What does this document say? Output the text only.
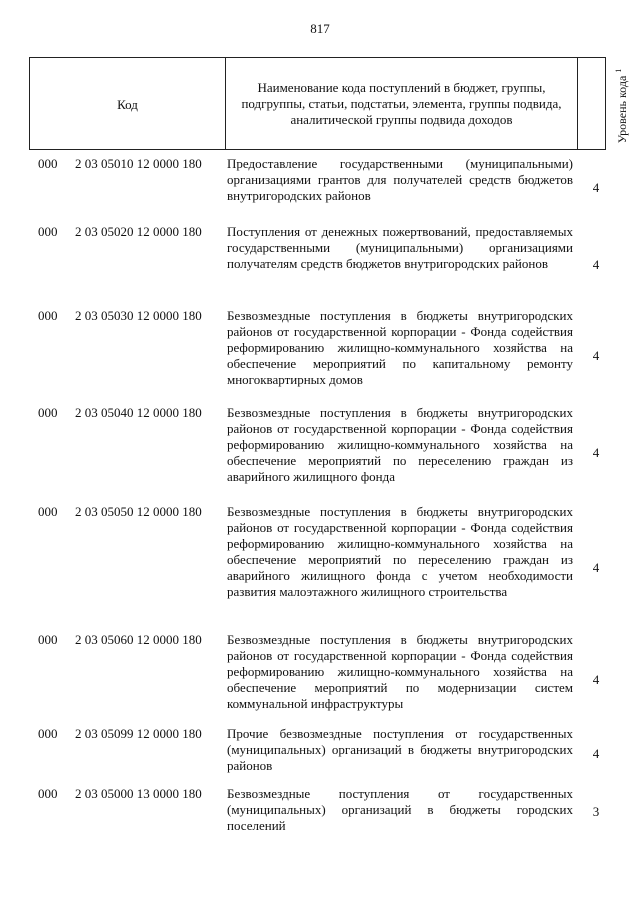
817
Код
Наименование кода поступлений в бюджет, группы, подгруппы, статьи, подстатьи, элемента, группы подвида, аналитической группы подвида доходов	Уровень кода $^1$
000 2 03 05010 12 0000 180 Предоставление государственными (муниципальными) организациями грантов для получателей средств бюджетов внутригородских районов
4
000 2 03 05020 12 0000 180 Поступления от денежных пожертвований, предоставляемых государственными (муниципальными) организациями получателям средств бюджетов внутригородских районов	4
000 2 03 05030 12 0000 180 Безвозмездные поступления в бюджеты внутригородских районов от государственной корпорации - Фонда содействия реформированию жилищно-коммунального хозяйства на обеспечение мероприятий по капитальному ремонту многоквартирных домов
4
000 2 03 05040 12 0000 180 Безвозмездные поступления в бюджеты внутригородских районов от государственной корпорации - Фонда содействия реформированию жилищно-коммунального хозяйства на обеспечение мероприятий по переселению граждан из аварийного жилищного фонда
4
000 2 03 05050 12 0000 180 Безвозмездные поступления в бюджеты внутригородских районов от государственной корпорации - Фонда содействия реформированию жилищно-коммунального хозяйства на обеспечение мероприятий по переселению граждан из аварийного жилищного фонда с учетом необходимости развития малоэтажного жилищного строительства
4
000 2 03 05060 12 0000 180 Безвозмездные поступления в бюджеты внутригородских районов от государственной корпорации - Фонда содействия реформированию жилищно-коммунального хозяйства на обеспечение мероприятий по модернизации систем коммунальной инфраструктуры
4
000 2 03 05099 12 0000 180 Прочие безвозмездные поступления от государственных (муниципальных) организаций в бюджеты внутригородских районов
4
000 2 03 05000 13 0000 180 Безвозмездные поступления от государственных (муниципальных) организаций в бюджеты городских поселений
3
